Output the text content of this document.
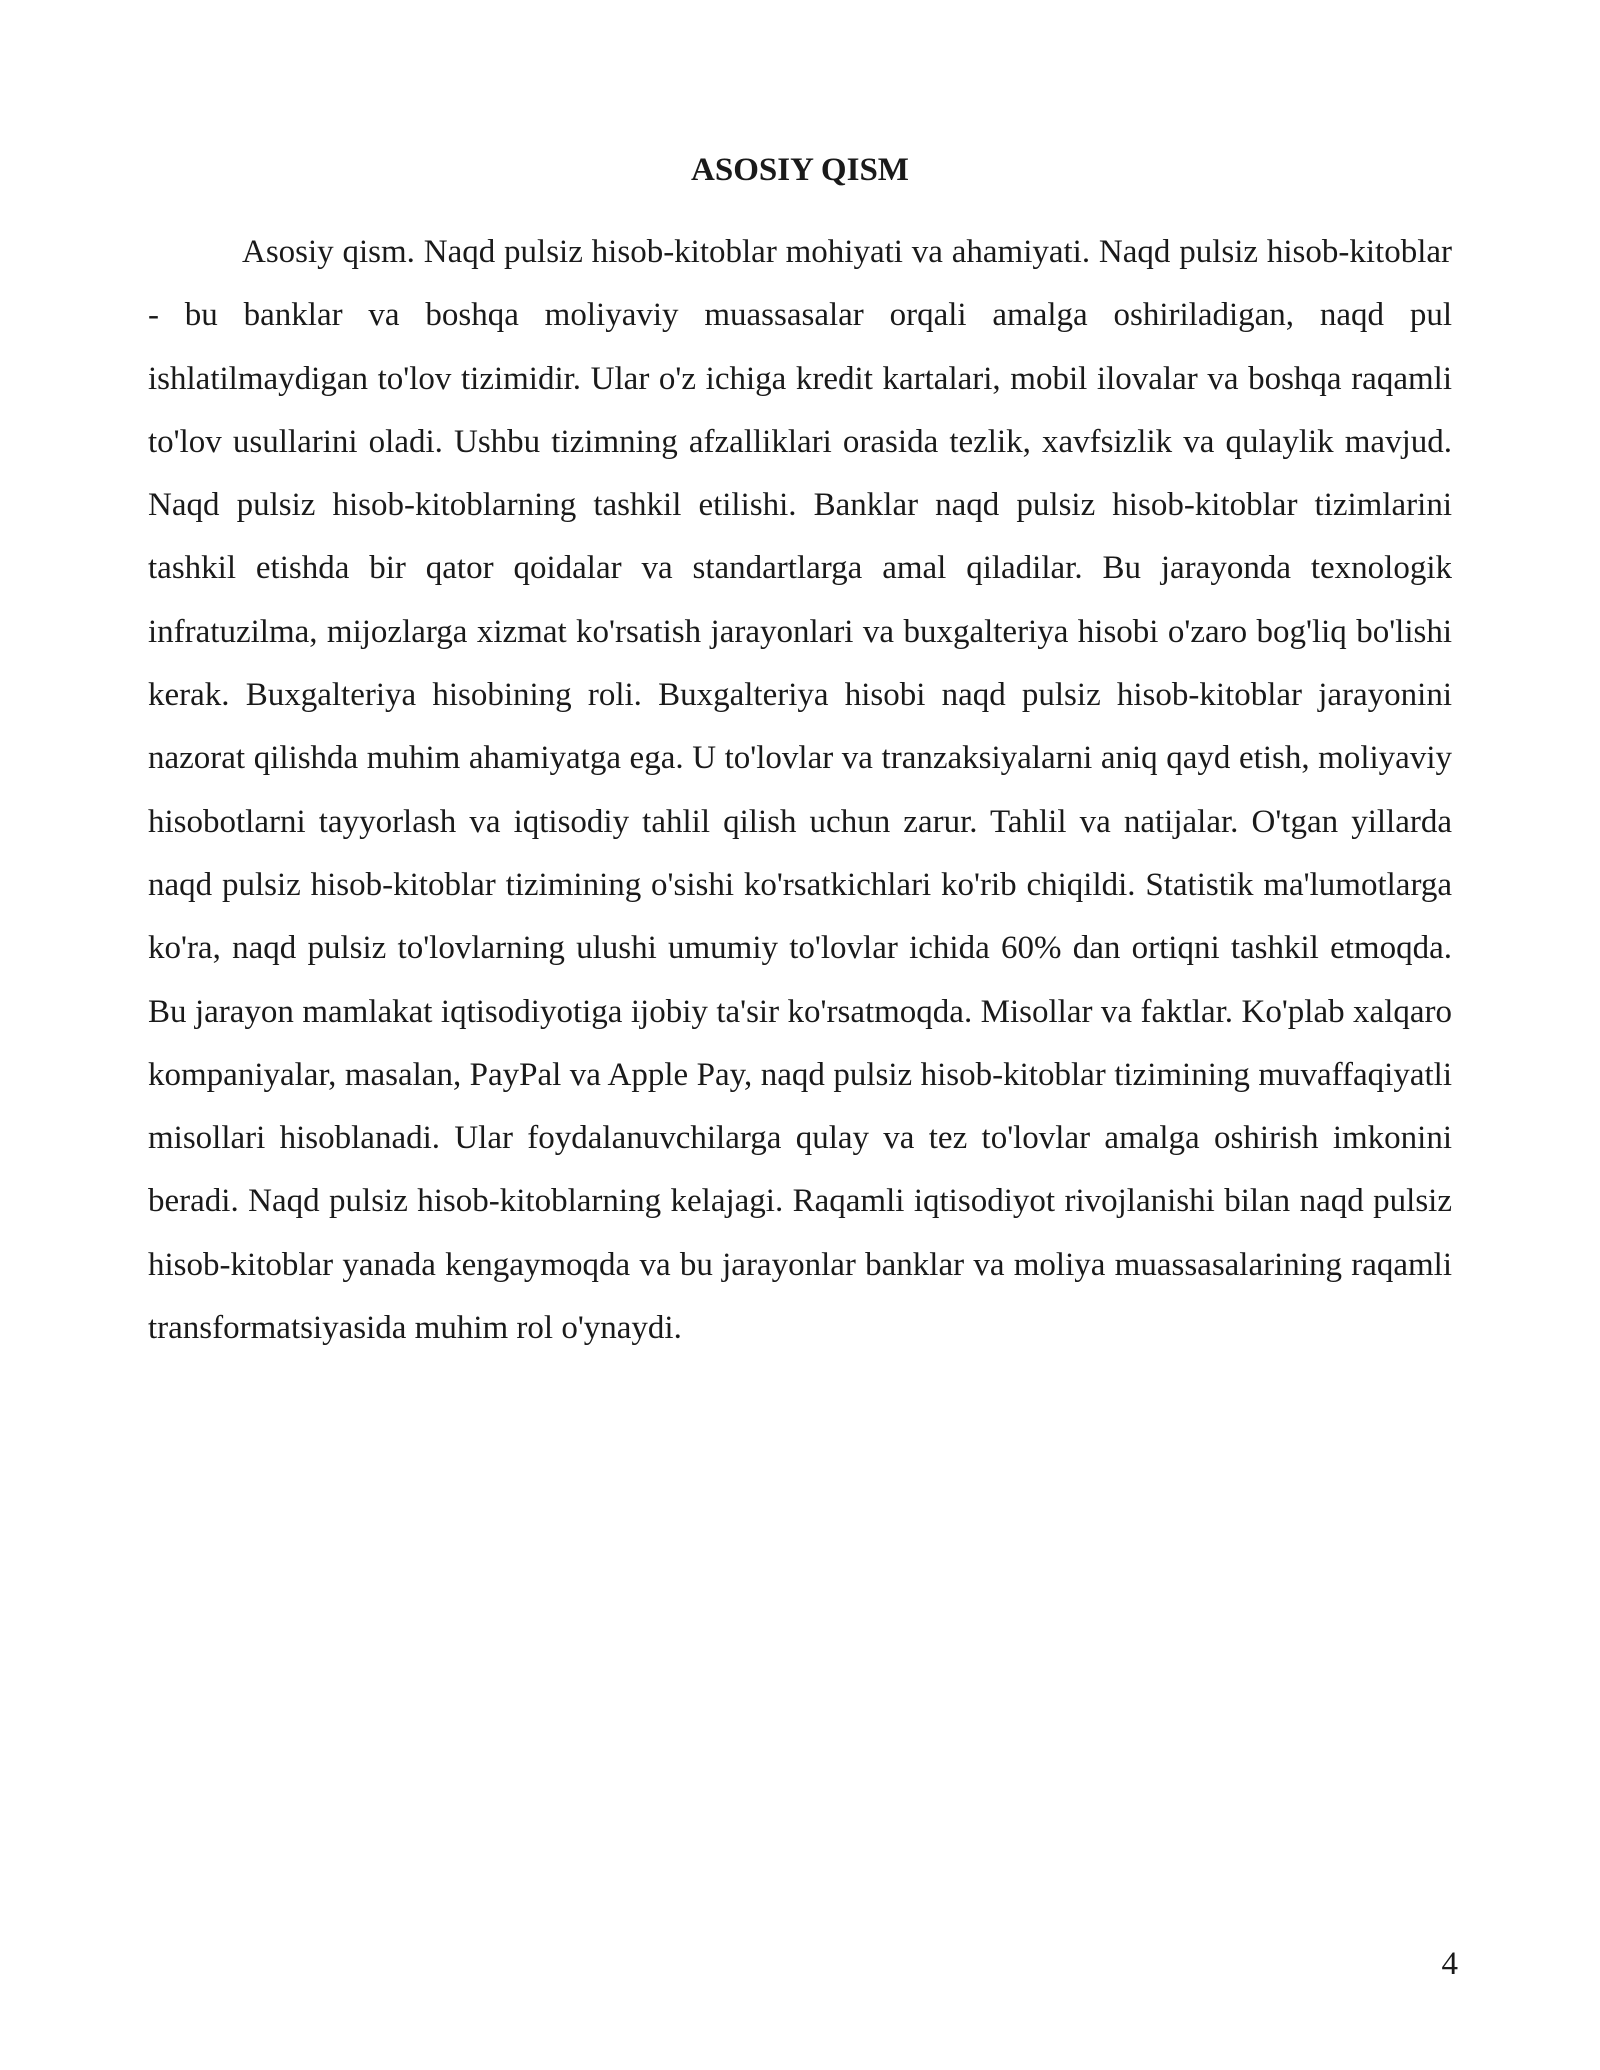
ASOSIY QISM

Asosiy qism. Naqd pulsiz hisob-kitoblar mohiyati va ahamiyati. Naqd pulsiz hisob-kitoblar - bu banklar va boshqa moliyaviy muassasalar orqali amalga oshiriladigan, naqd pul ishlatilmaydigan to'lov tizimidir. Ular o'z ichiga kredit kartalari, mobil ilovalar va boshqa raqamli to'lov usullarini oladi. Ushbu tizimning afzalliklari orasida tezlik, xavfsizlik va qulaylik mavjud. Naqd pulsiz hisob-kitoblarning tashkil etilishi. Banklar naqd pulsiz hisob-kitoblar tizimlarini tashkil etishda bir qator qoidalar va standartlarga amal qiladilar. Bu jarayonda texnologik infratuzilma, mijozlarga xizmat ko'rsatish jarayonlari va buxgalteriya hisobi o'zaro bog'liq bo'lishi kerak. Buxgalteriya hisobining roli. Buxgalteriya hisobi naqd pulsiz hisob-kitoblar jarayonini nazorat qilishda muhim ahamiyatga ega. U to'lovlar va tranzaksiyalarni aniq qayd etish, moliyaviy hisobotlarni tayyorlash va iqtisodiy tahlil qilish uchun zarur. Tahlil va natijalar. O'tgan yillarda naqd pulsiz hisob-kitoblar tizimining o'sishi ko'rsatkichlari ko'rib chiqildi. Statistik ma'lumotlarga ko'ra, naqd pulsiz to'lovlarning ulushi umumiy to'lovlar ichida 60% dan ortiqni tashkil etmoqda. Bu jarayon mamlakat iqtisodiyotiga ijobiy ta'sir ko'rsatmoqda. Misollar va faktlar. Ko'plab xalqaro kompaniyalar, masalan, PayPal va Apple Pay, naqd pulsiz hisob-kitoblar tizimining muvaffaqiyatli misollari hisoblanadi. Ular foydalanuvchilarga qulay va tez to'lovlar amalga oshirish imkonini beradi. Naqd pulsiz hisob-kitoblarning kelajagi. Raqamli iqtisodiyot rivojlanishi bilan naqd pulsiz hisob-kitoblar yanada kengaymoqda va bu jarayonlar banklar va moliya muassasalarining raqamli transformatsiyasida muhim rol o'ynaydi.

4
